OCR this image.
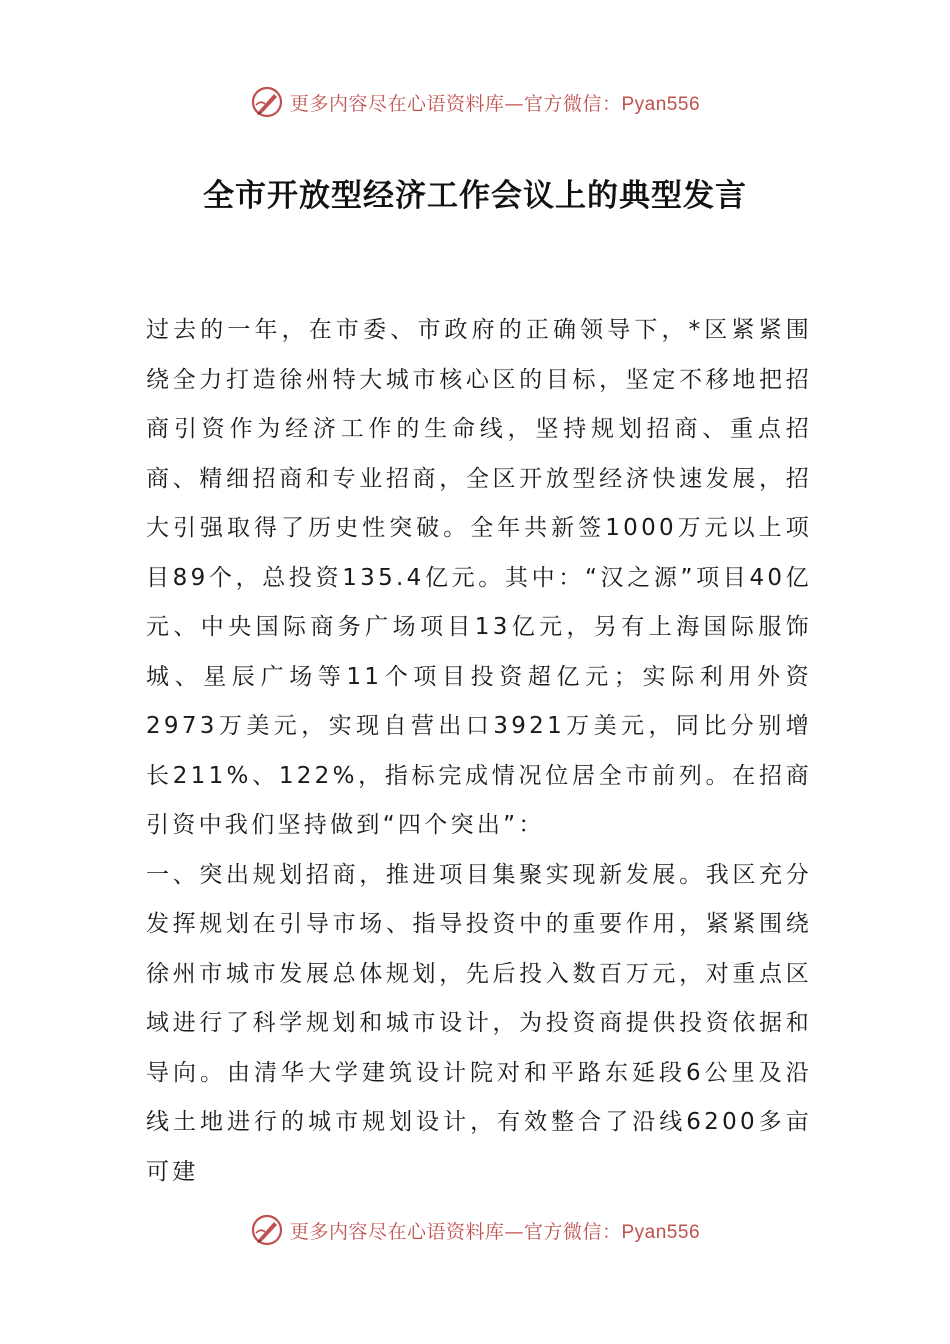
更多内容尽在心语资料库—官方微信：Pyan556
全市开放型经济工作会议上的典型发言

过去的一年，在市委、市政府的正确领导下，*区紧紧围绕全力打造徐州特大城市核心区的目标，坚定不移地把招商引资作为经济工作的生命线，坚持规划招商、重点招商、精细招商和专业招商，全区开放型经济快速发展，招大引强取得了历史性突破。全年共新签1000万元以上项目89个，总投资135.4亿元。其中：“汉之源”项目40亿元、中央国际商务广场项目13亿元，另有上海国际服饰城、星辰广场等11个项目投资超亿元；实际利用外资2973万美元，实现自营出口3921万美元，同比分别增长211%、122%，指标完成情况位居全市前列。在招商引资中我们坚持做到“四个突出”：

一、突出规划招商，推进项目集聚实现新发展。我区充分发挥规划在引导市场、指导投资中的重要作用，紧紧围绕徐州市城市发展总体规划，先后投入数百万元，对重点区域进行了科学规划和城市设计，为投资商提供投资依据和导向。由清华大学建筑设计院对和平路东延段6公里及沿线土地进行的城市规划设计，有效整合了沿线6200多亩可建

更多内容尽在心语资料库—官方微信：Pyan556
